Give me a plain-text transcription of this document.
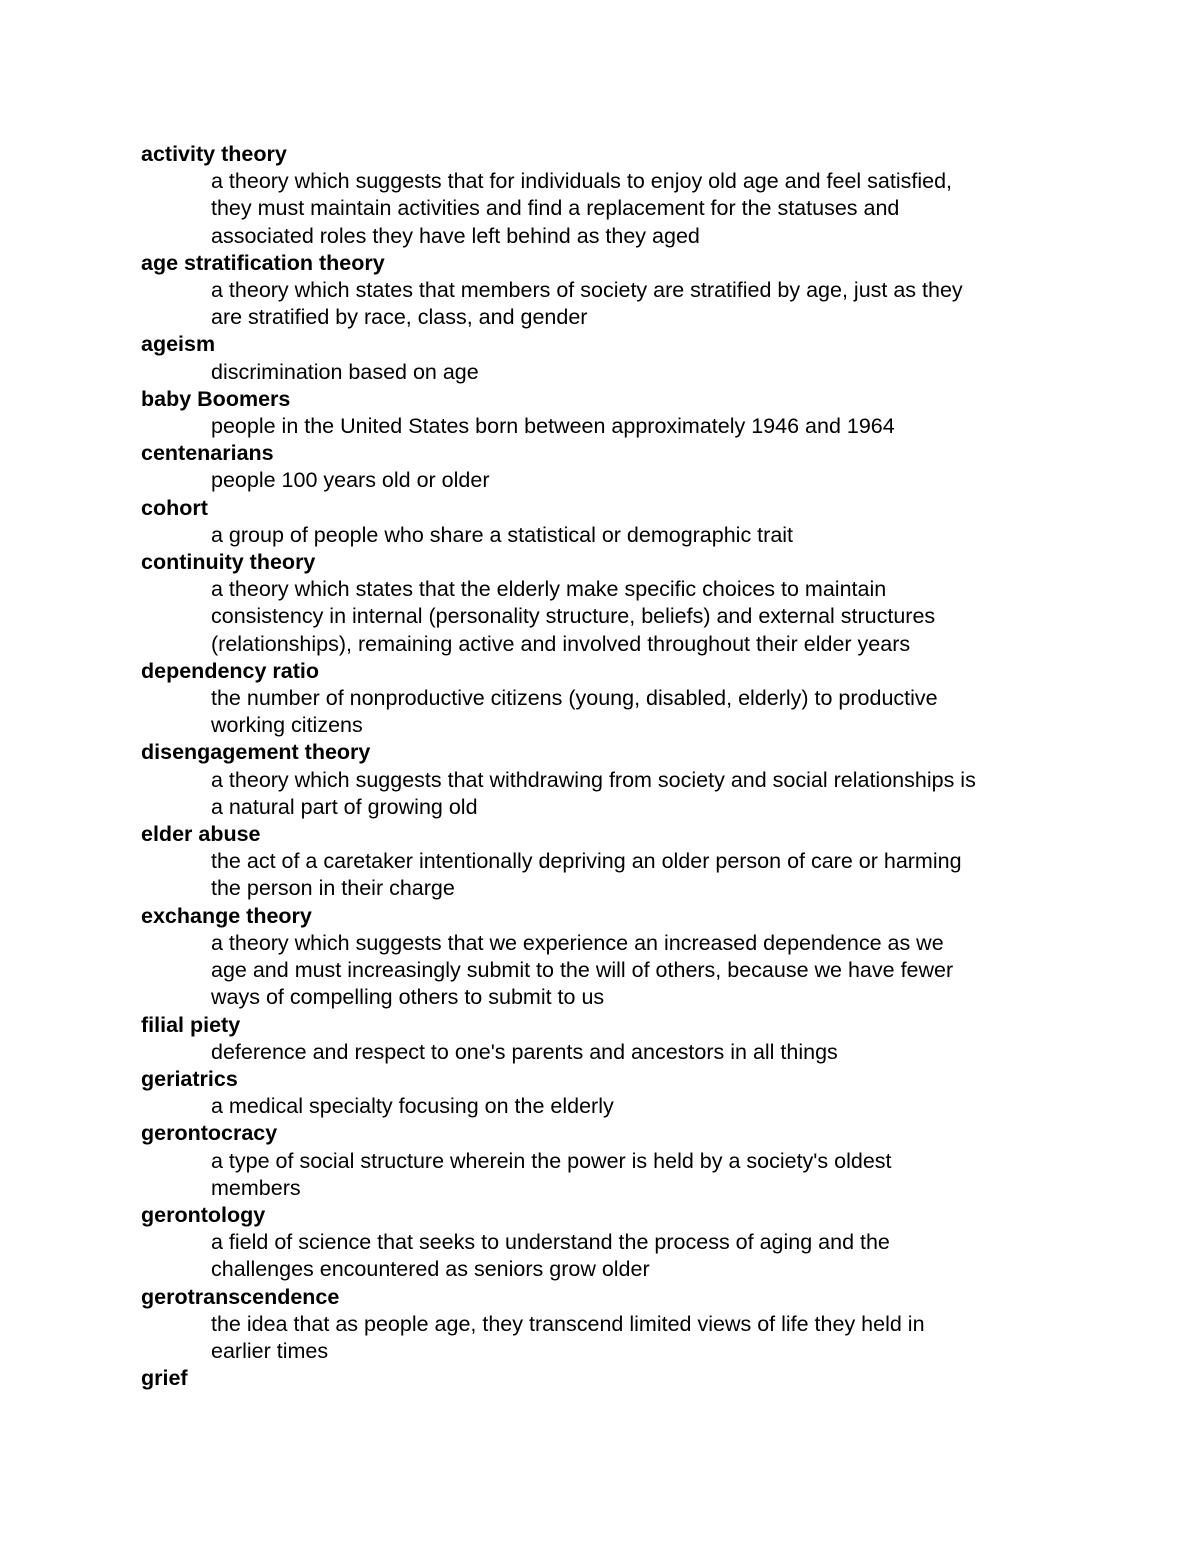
activity theory
a theory which suggests that for individuals to enjoy old age and feel satisfied,
they must maintain activities and find a replacement for the statuses and
associated roles they have left behind as they aged
age stratification theory
a theory which states that members of society are stratified by age, just as they
are stratified by race, class, and gender
ageism
discrimination based on age
baby Boomers
people in the United States born between approximately 1946 and 1964
centenarians
people 100 years old or older
cohort
a group of people who share a statistical or demographic trait
continuity theory
a theory which states that the elderly make specific choices to maintain
consistency in internal (personality structure, beliefs) and external structures
(relationships), remaining active and involved throughout their elder years
dependency ratio
the number of nonproductive citizens (young, disabled, elderly) to productive
working citizens
disengagement theory
a theory which suggests that withdrawing from society and social relationships is
a natural part of growing old
elder abuse
the act of a caretaker intentionally depriving an older person of care or harming
the person in their charge
exchange theory
a theory which suggests that we experience an increased dependence as we
age and must increasingly submit to the will of others, because we have fewer
ways of compelling others to submit to us
filial piety
deference and respect to one's parents and ancestors in all things
geriatrics
a medical specialty focusing on the elderly
gerontocracy
a type of social structure wherein the power is held by a society's oldest
members
gerontology
a field of science that seeks to understand the process of aging and the
challenges encountered as seniors grow older
gerotranscendence
the idea that as people age, they transcend limited views of life they held in
earlier times
grief
